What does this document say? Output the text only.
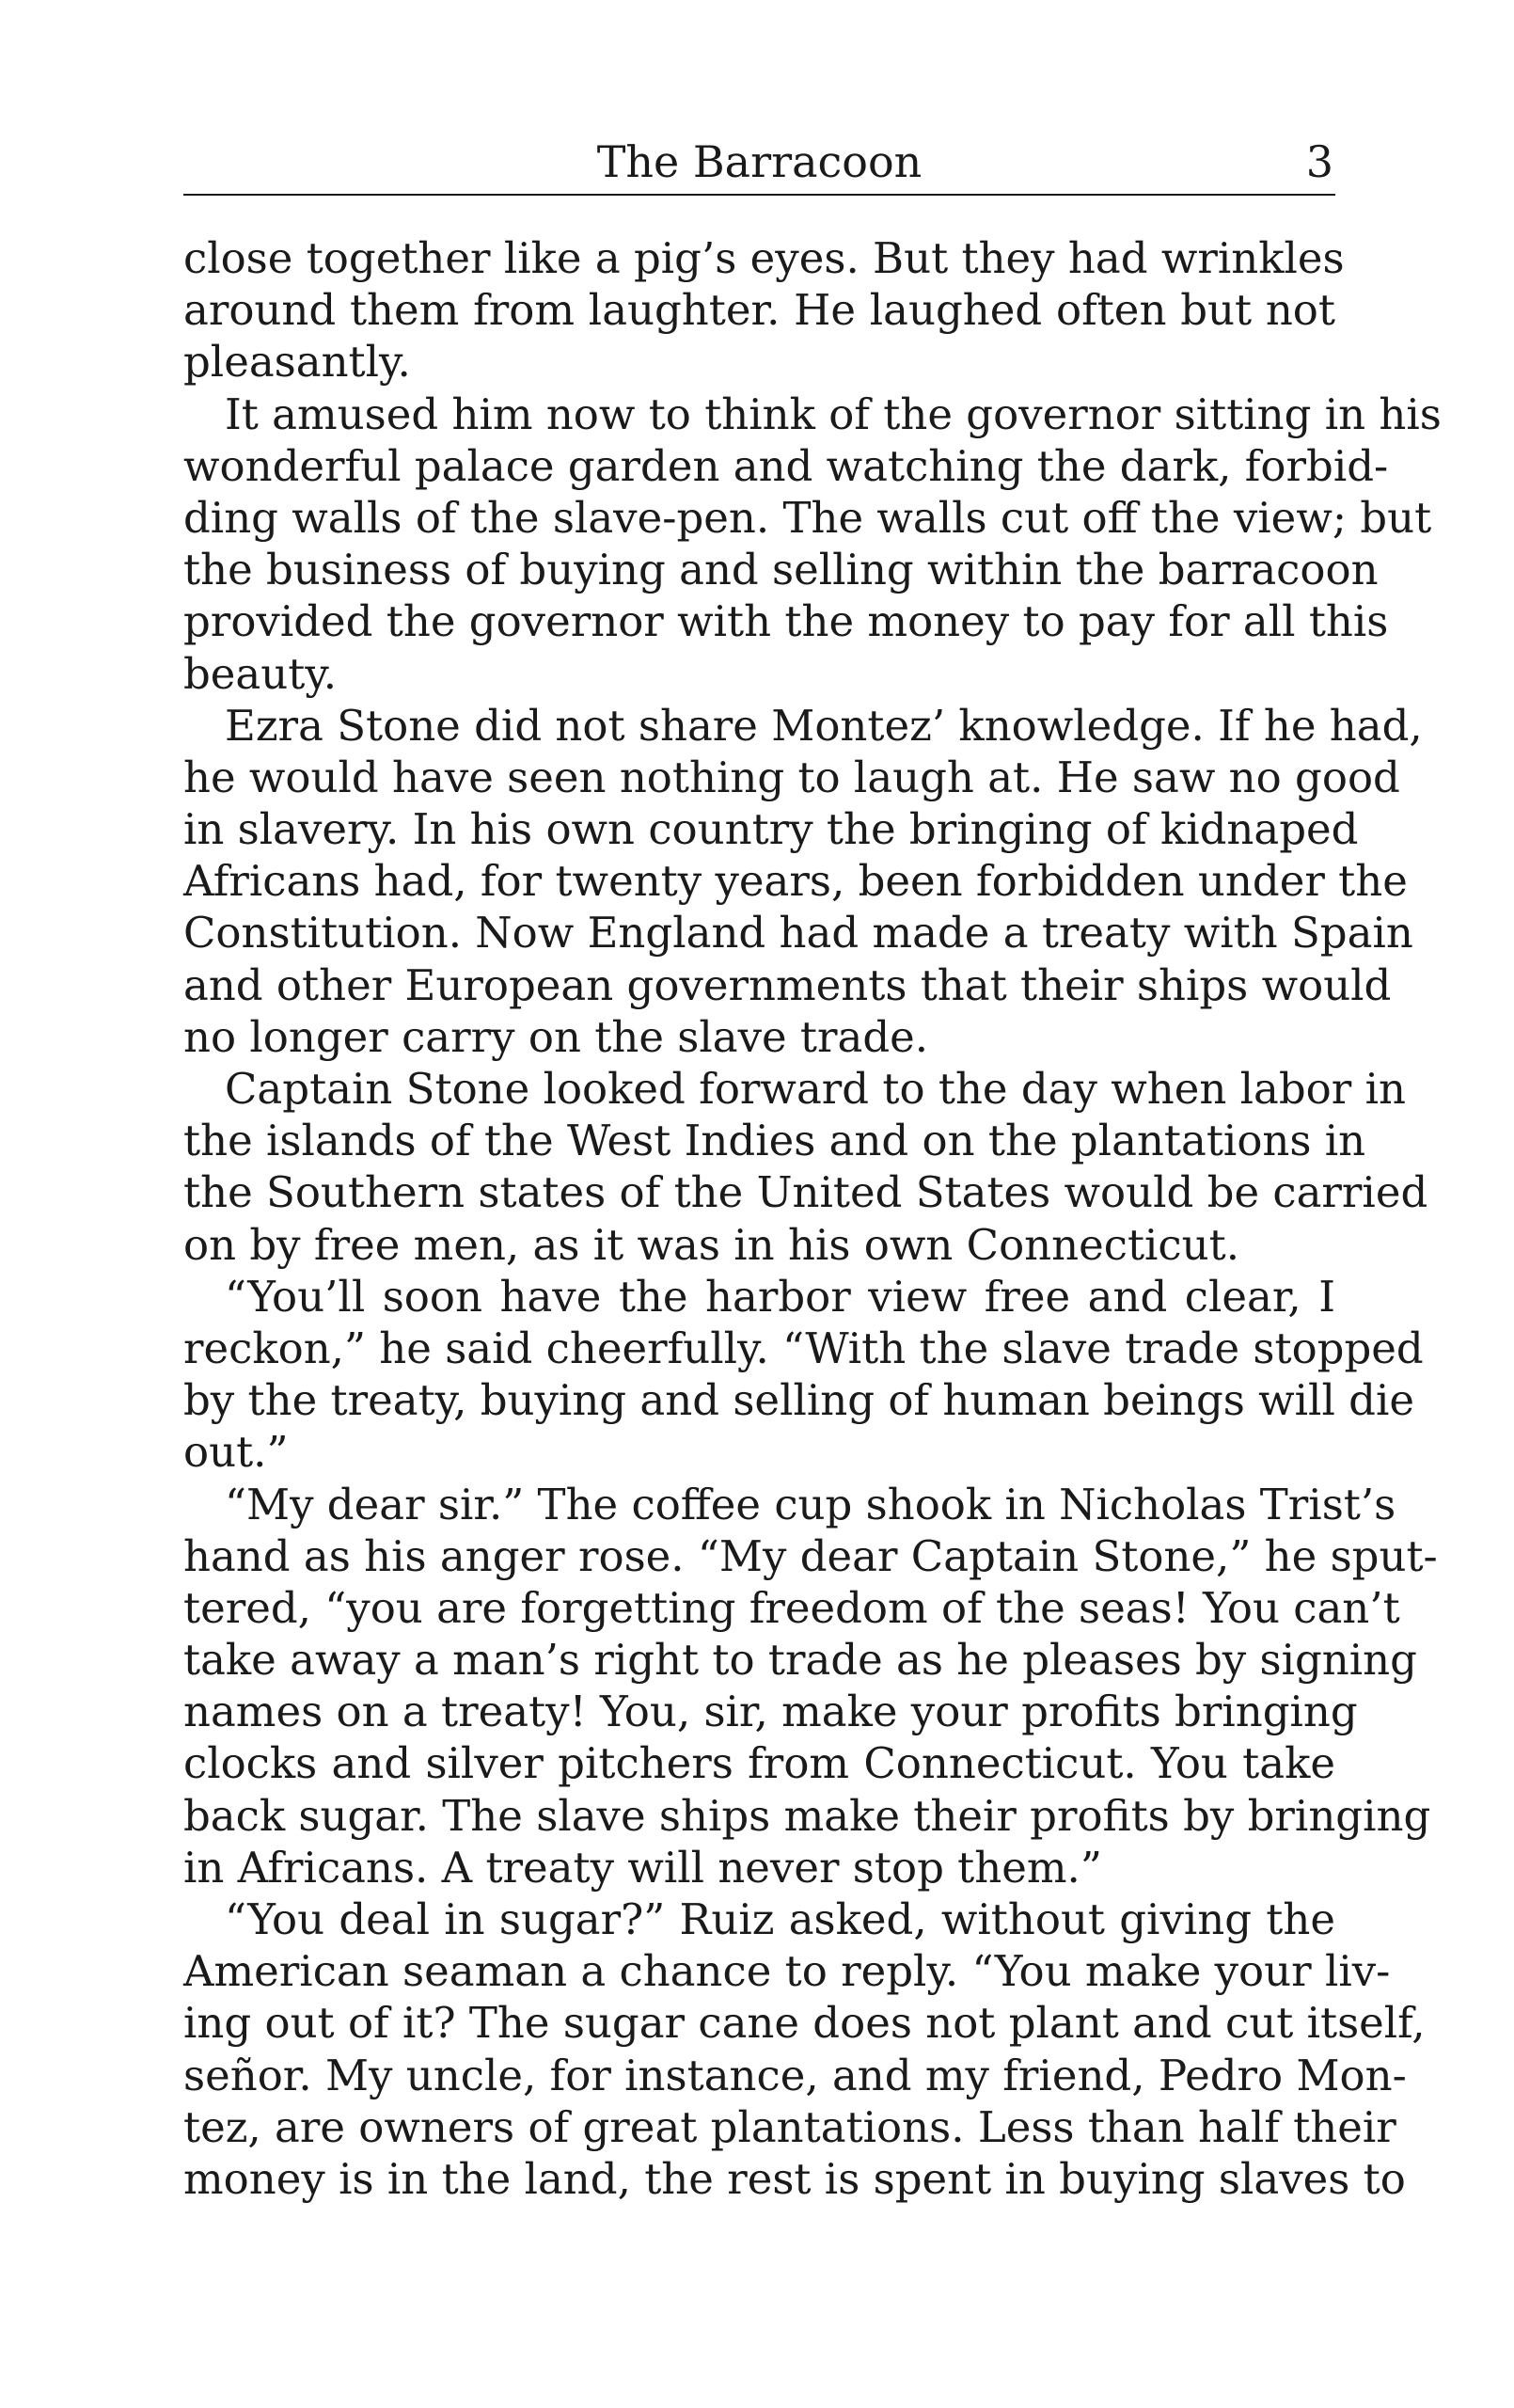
The Barracoon	3
close together like a pig’s eyes. But they had wrinkles
around them from laughter. He laughed often but not
pleasantly.
It amused him now to think of the governor sitting in his
wonderful palace garden and watching the dark, forbid-
ding walls of the slave-pen. The walls cut off the view; but
the business of buying and selling within the barracoon
provided the governor with the money to pay for all this
beauty.
Ezra Stone did not share Montez’ knowledge. If he had,
he would have seen nothing to laugh at. He saw no good
in slavery. In his own country the bringing of kidnaped
Africans had, for twenty years, been forbidden under the
Constitution. Now England had made a treaty with Spain
and other European governments that their ships would
no longer carry on the slave trade.
Captain Stone looked forward to the day when labor in
the islands of the West Indies and on the plantations in
the Southern states of the United States would be carried
on by free men, as it was in his own Connecticut.
“You’ll soon have the harbor view free and clear, I
reckon,” he said cheerfully. “With the slave trade stopped
by the treaty, buying and selling of human beings will die
out.”
“My dear sir.” The coffee cup shook in Nicholas Trist’s
hand as his anger rose. “My dear Captain Stone,” he sput-
tered, “you are forgetting freedom of the seas! You can’t
take away a man’s right to trade as he pleases by signing
names on a treaty! You, sir, make your profits bringing
clocks and silver pitchers from Connecticut. You take
back sugar. The slave ships make their profits by bringing
in Africans. A treaty will never stop them.”
“You deal in sugar?” Ruiz asked, without giving the
American seaman a chance to reply. “You make your liv-
ing out of it? The sugar cane does not plant and cut itself,
señor. My uncle, for instance, and my friend, Pedro Mon-
tez, are owners of great plantations. Less than half their
money is in the land, the rest is spent in buying slaves to
